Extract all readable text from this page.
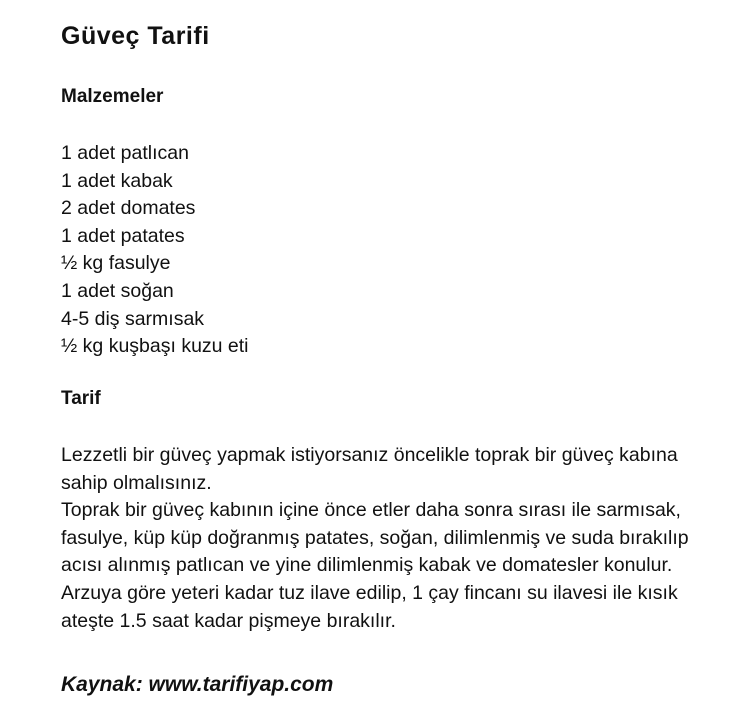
Güveç Tarifi
Malzemeler
1 adet patlıcan
1 adet kabak
2 adet domates
1 adet patates
½ kg fasulye
1 adet soğan
4-5 diş sarmısak
½ kg kuşbaşı kuzu eti
Tarif

Lezzetli bir güveç yapmak istiyorsanız öncelikle toprak bir güveç kabına sahip olmalısınız.

Toprak bir güveç kabının içine önce etler daha sonra sırası ile sarmısak, fasulye, küp küp doğranmış patates, soğan, dilimlenmiş ve suda bırakılıp acısı alınmış patlıcan ve yine dilimlenmiş kabak ve domatesler konulur. Arzuya göre yeteri kadar tuz ilave edilip, 1 çay fincanı su ilavesi ile kısık ateşte 1.5 saat kadar pişmeye bırakılır.

Kaynak: www.tarifiyap.com
